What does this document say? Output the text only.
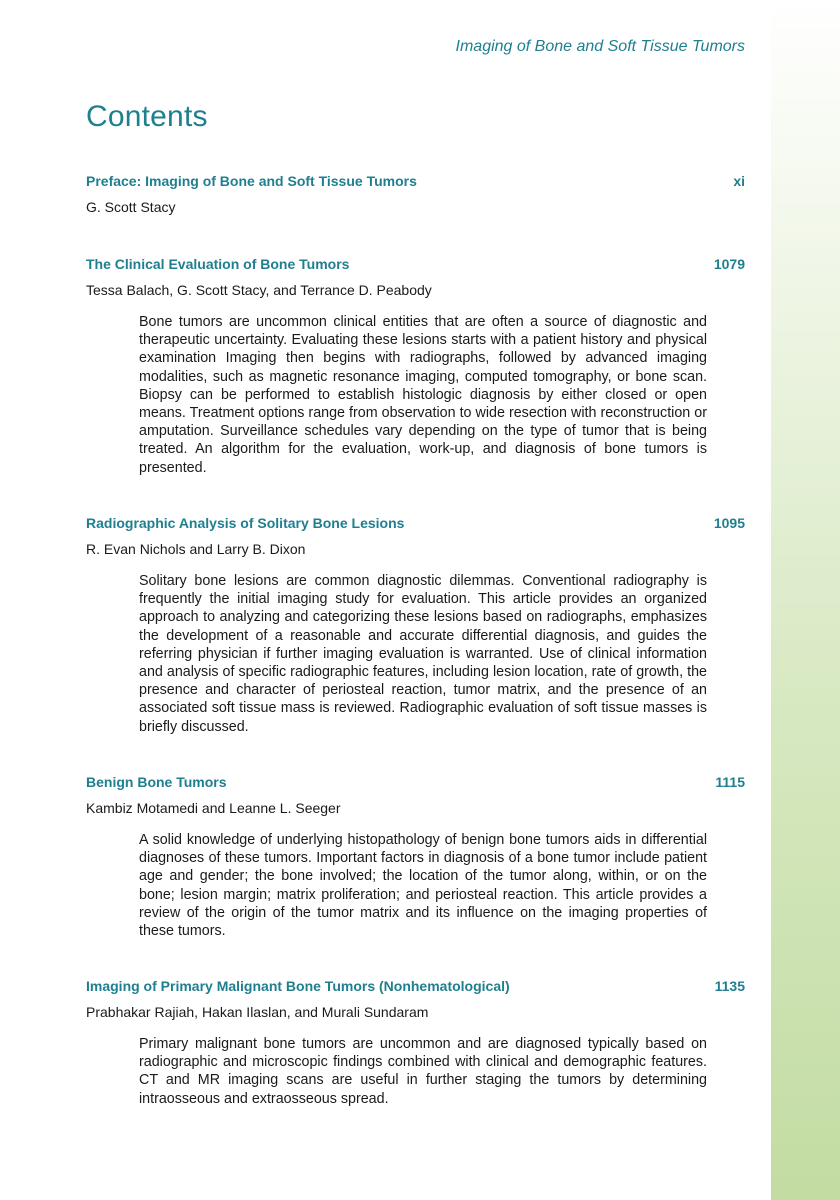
Imaging of Bone and Soft Tissue Tumors
Contents
Preface: Imaging of Bone and Soft Tissue Tumors	xi
G. Scott Stacy
The Clinical Evaluation of Bone Tumors	1079
Tessa Balach, G. Scott Stacy, and Terrance D. Peabody
Bone tumors are uncommon clinical entities that are often a source of diagnostic and therapeutic uncertainty. Evaluating these lesions starts with a patient history and physical examination Imaging then begins with radiographs, followed by advanced imaging modalities, such as magnetic resonance imaging, computed tomography, or bone scan. Biopsy can be performed to establish histologic diagnosis by either closed or open means. Treatment options range from observation to wide resection with reconstruction or amputation. Surveillance schedules vary depending on the type of tumor that is being treated. An algorithm for the evaluation, work-up, and diagnosis of bone tumors is presented.
Radiographic Analysis of Solitary Bone Lesions	1095
R. Evan Nichols and Larry B. Dixon
Solitary bone lesions are common diagnostic dilemmas. Conventional radiography is frequently the initial imaging study for evaluation. This article provides an organized approach to analyzing and categorizing these lesions based on radiographs, emphasizes the development of a reasonable and accurate differential diagnosis, and guides the referring physician if further imaging evaluation is warranted. Use of clinical information and analysis of specific radiographic features, including lesion location, rate of growth, the presence and character of periosteal reaction, tumor matrix, and the presence of an associated soft tissue mass is reviewed. Radiographic evaluation of soft tissue masses is briefly discussed.
Benign Bone Tumors	1115
Kambiz Motamedi and Leanne L. Seeger
A solid knowledge of underlying histopathology of benign bone tumors aids in differential diagnoses of these tumors. Important factors in diagnosis of a bone tumor include patient age and gender; the bone involved; the location of the tumor along, within, or on the bone; lesion margin; matrix proliferation; and periosteal reaction. This article provides a review of the origin of the tumor matrix and its influence on the imaging properties of these tumors.
Imaging of Primary Malignant Bone Tumors (Nonhematological)	1135
Prabhakar Rajiah, Hakan Ilaslan, and Murali Sundaram
Primary malignant bone tumors are uncommon and are diagnosed typically based on radiographic and microscopic findings combined with clinical and demographic features. CT and MR imaging scans are useful in further staging the tumors by determining intraosseous and extraosseous spread.
